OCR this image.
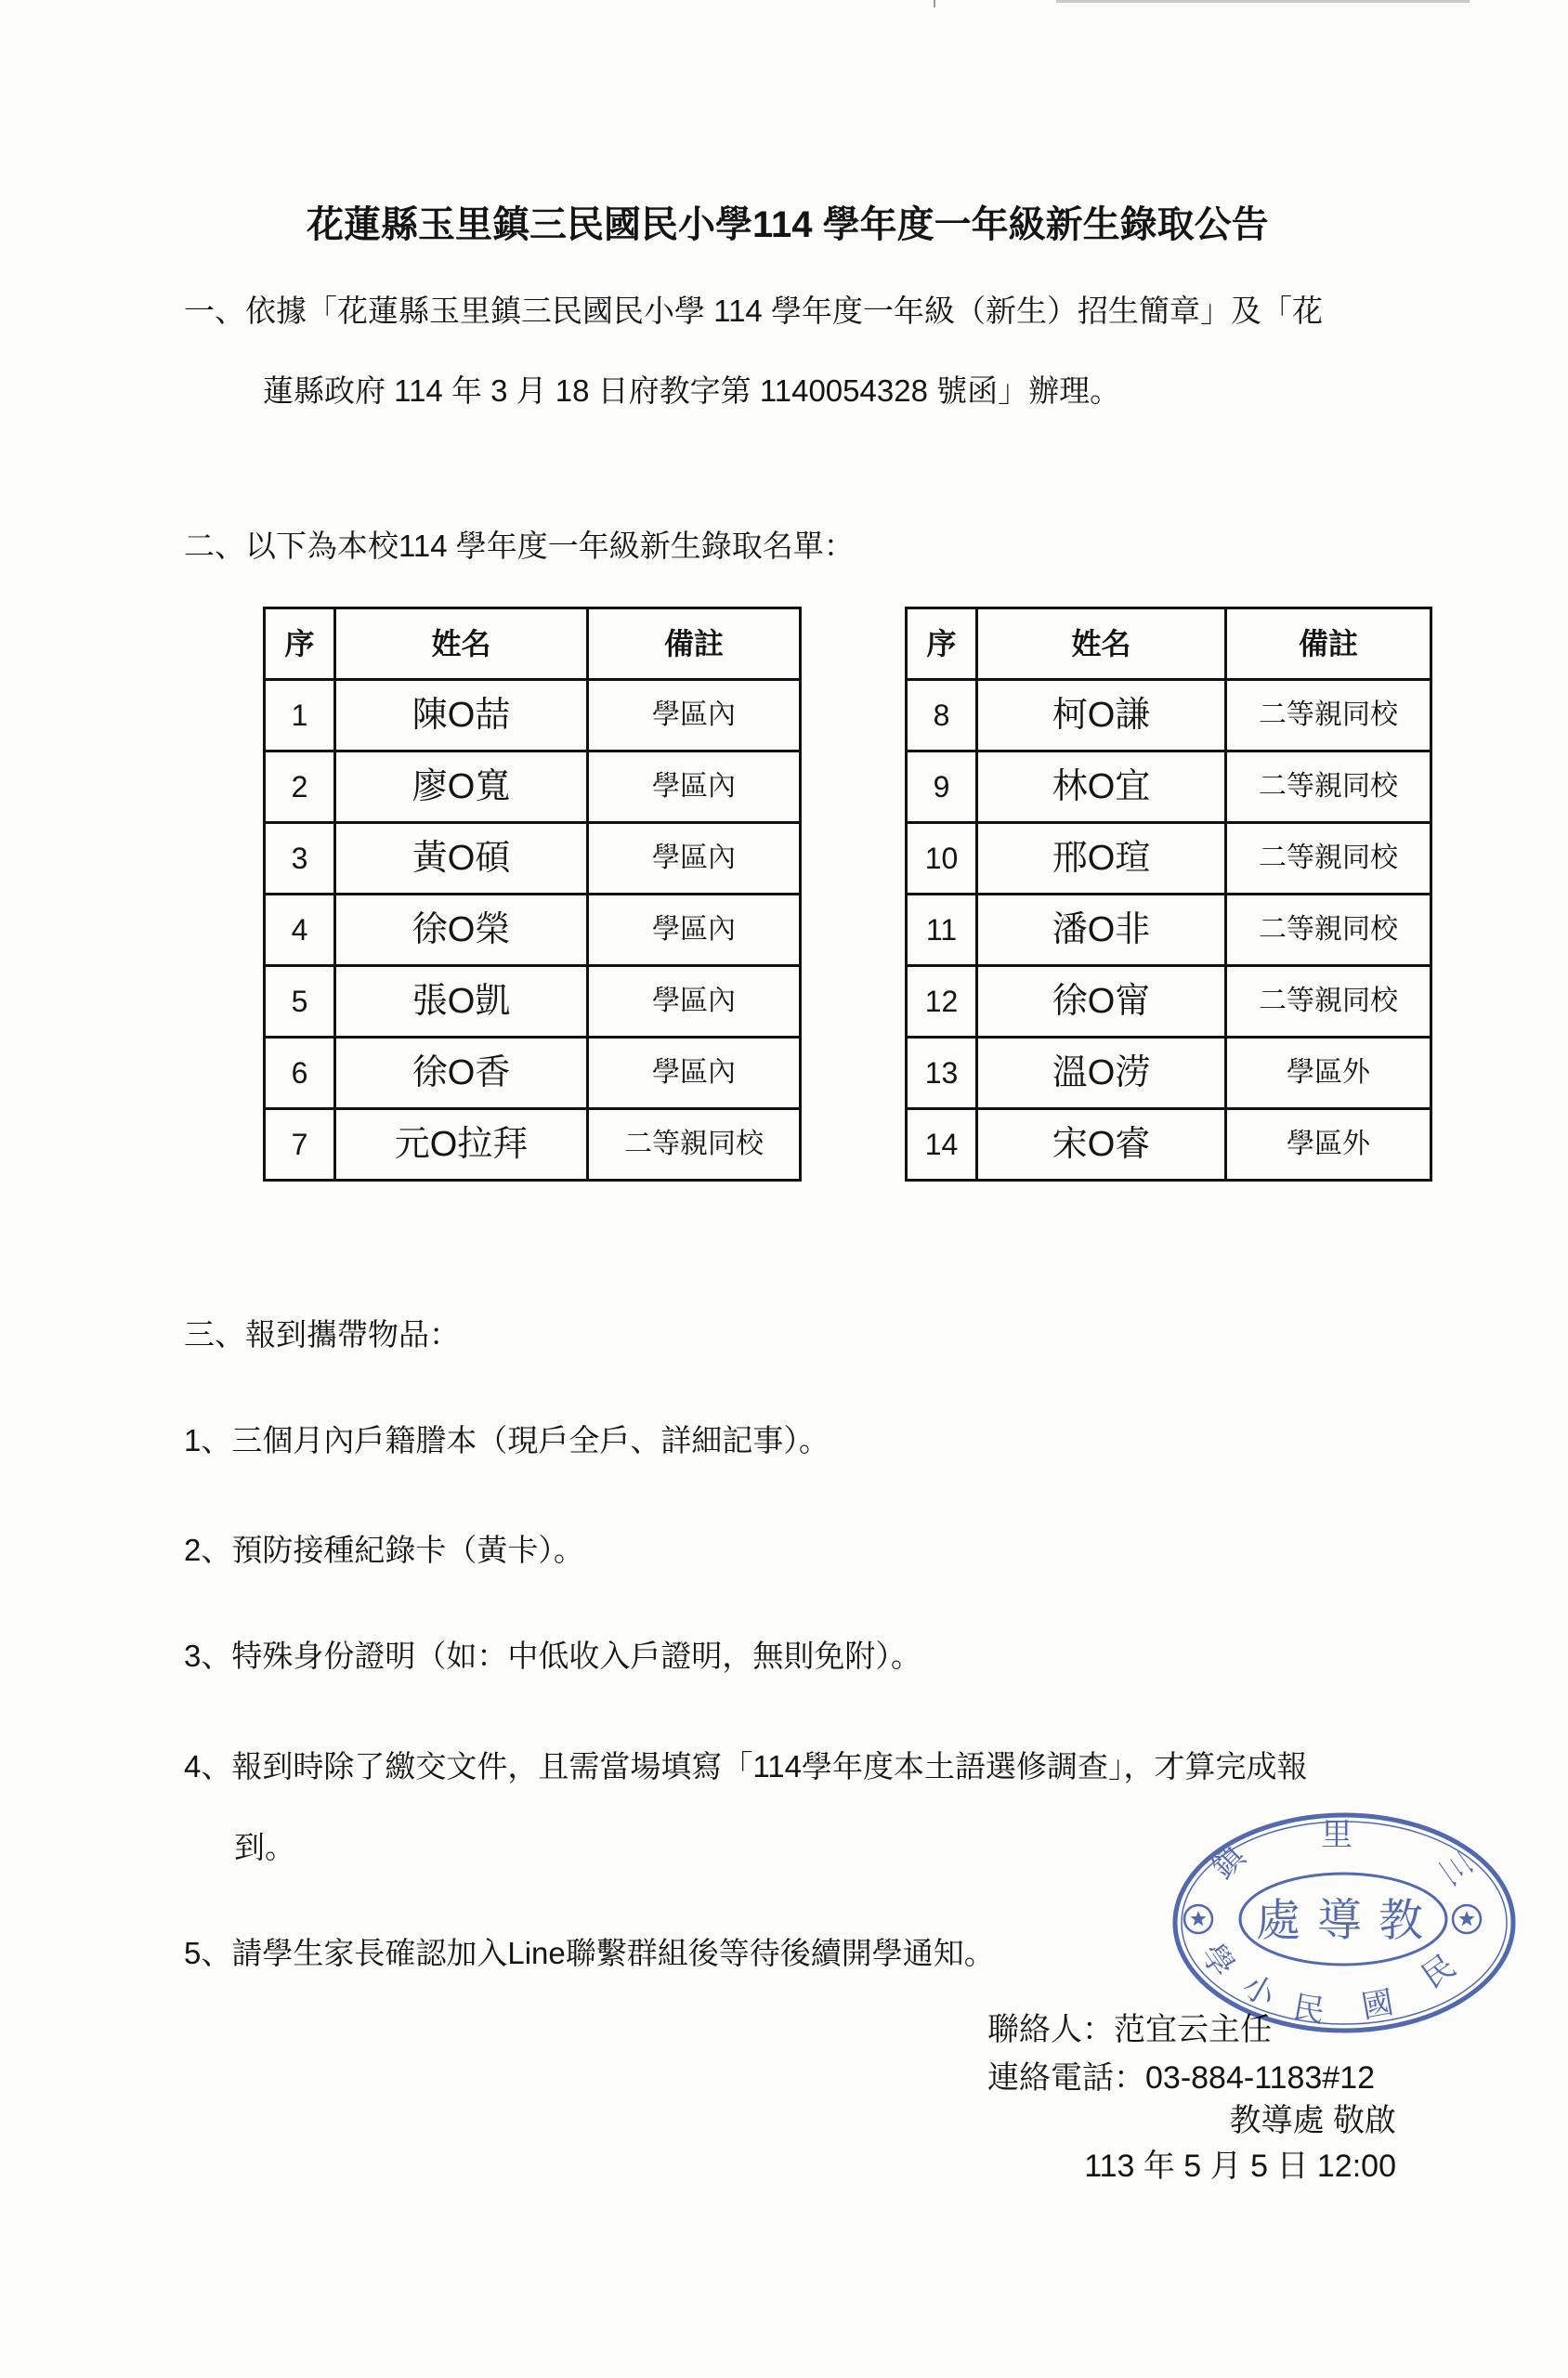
花蓮縣玉里鎮三民國民小學114 學年度一年級新生錄取公告
一、依據「花蓮縣玉里鎮三民國民小學 114 學年度一年級（新生）招生簡章」及「花
蓮縣政府 114 年 3 月 18 日府教字第 1140054328 號函」辦理。
二、以下為本校114 學年度一年級新生錄取名單：
序	姓名	備註
1	陳O喆	學區內
2	廖O寬	學區內
3	黃O碩	學區內
4	徐O榮	學區內
5	張O凱	學區內
6	徐O香	學區內
7	元O拉拜	二等親同校
序	姓名	備註
8	柯O謙	二等親同校
9	林O宜	二等親同校
10	邢O瑄	二等親同校
11	潘O非	二等親同校
12	徐O甯	二等親同校
13	溫O涝	學區外
14	宋O睿	學區外
三、報到攜帶物品：
1、三個月內戶籍謄本（現戶全戶、詳細記事）。
2、預防接種紀錄卡（黃卡）。
3、特殊身份證明（如：中低收入戶證明，無則免附）。
4、報到時除了繳交文件，且需當場填寫「114學年度本土語選修調查」，才算完成報
到。
5、請學生家長確認加入Line聯繫群組後等待後續開學通知。
聯絡人：范宜云主任
連絡電話：03-884-1183#12
教導處 敬啟
113 年 5 月 5 日 12:00
鎮
里
三
學
小 民 國
民
處導教
